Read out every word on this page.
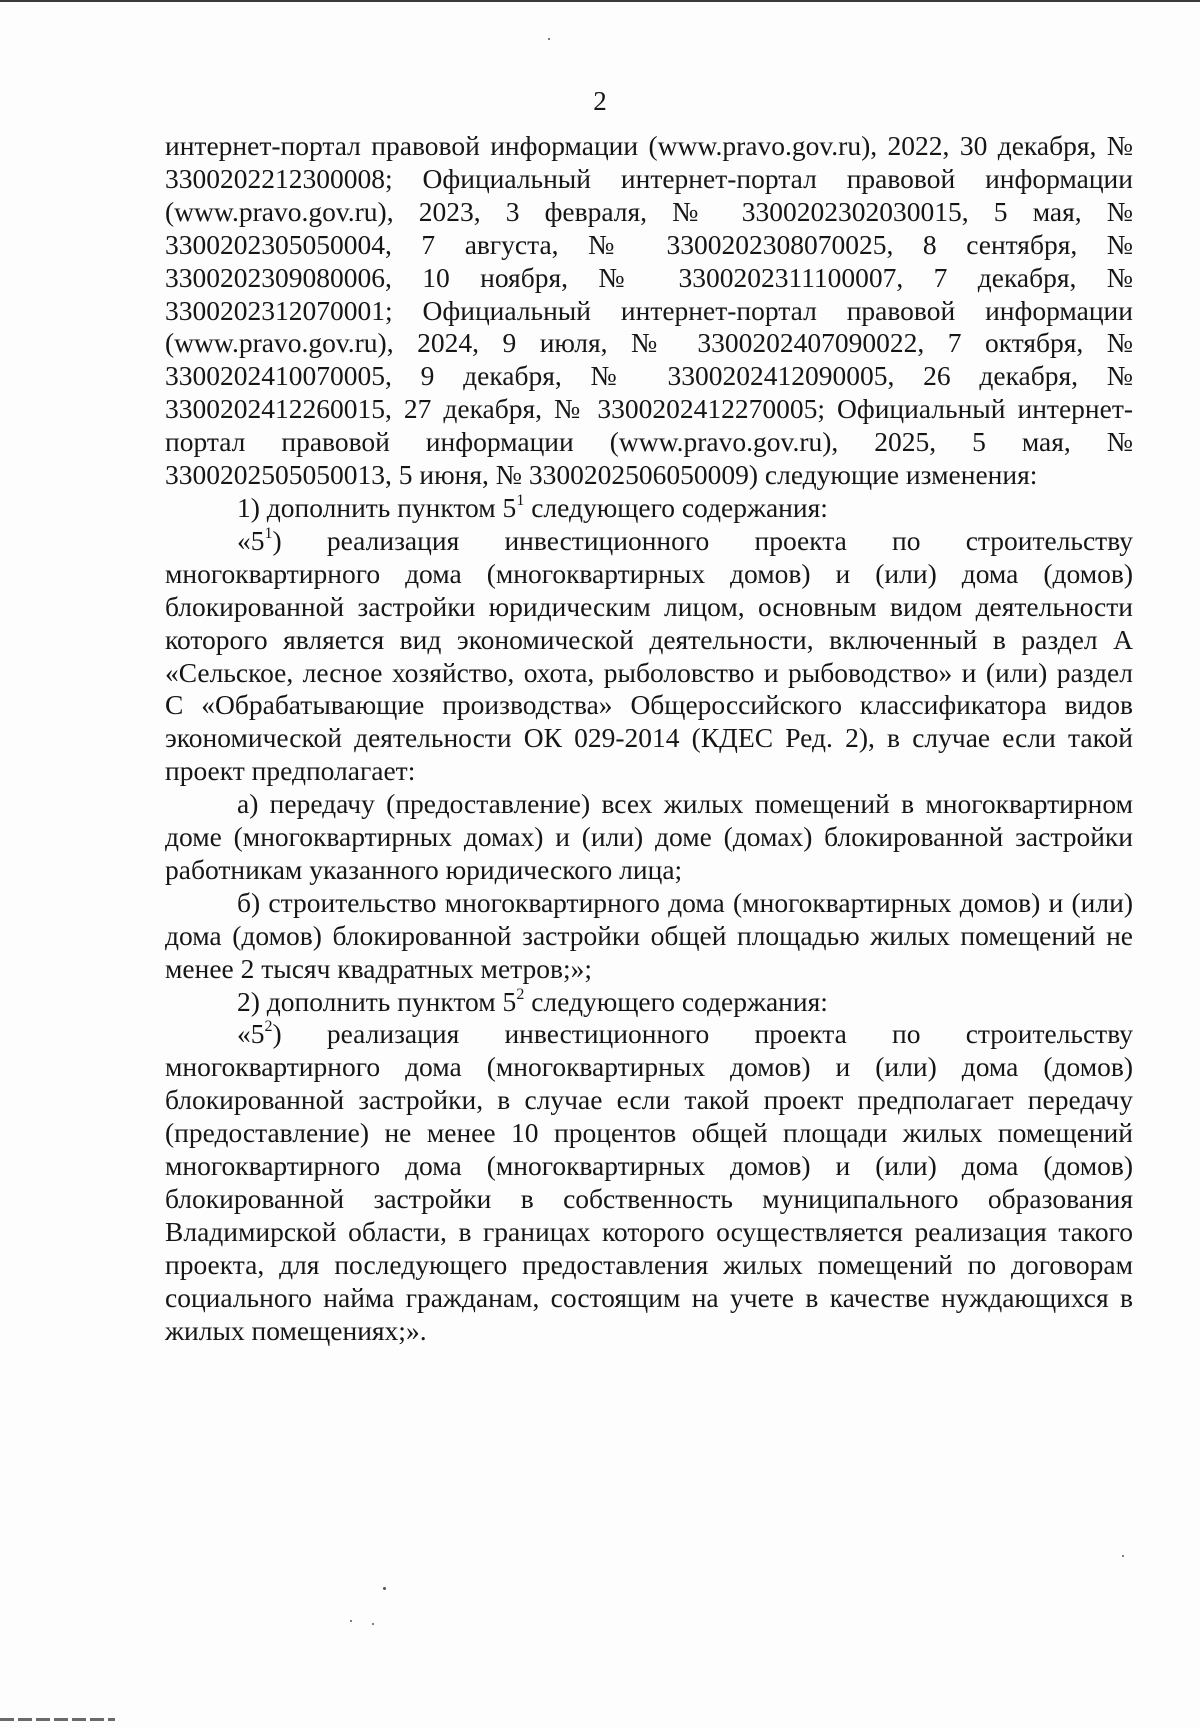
2

интернет-портал правовой информации (www.pravo.gov.ru), 2022, 30 декабря, № 3300202212300008; Официальный интернет-портал правовой информации (www.pravo.gov.ru), 2023, 3 февраля, № 3300202302030015, 5 мая, № 3300202305050004, 7 августа, № 3300202308070025, 8 сентября, № 3300202309080006, 10 ноября, № 3300202311100007, 7 декабря, № 3300202312070001; Официальный интернет-портал правовой информации (www.pravo.gov.ru), 2024, 9 июля, № 3300202407090022, 7 октября, № 3300202410070005, 9 декабря, № 3300202412090005, 26 декабря, № 3300202412260015, 27 декабря, № 3300202412270005; Официальный интернет-портал правовой информации (www.pravo.gov.ru), 2025, 5 мая, № 3300202505050013, 5 июня, № 3300202506050009) следующие изменения:

1) дополнить пунктом $5^1$ следующего содержания:

«$5^1$) реализация инвестиционного проекта по строительству многоквартирного дома (многоквартирных домов) и (или) дома (домов) блокированной застройки юридическим лицом, основным видом деятельности которого является вид экономической деятельности, включенный в раздел А «Сельское, лесное хозяйство, охота, рыболовство и рыбоводство» и (или) раздел С «Обрабатывающие производства» Общероссийского классификатора видов экономической деятельности ОК 029-2014 (КДЕС Ред. 2), в случае если такой проект предполагает:

а) передачу (предоставление) всех жилых помещений в многоквартирном доме (многоквартирных домах) и (или) доме (домах) блокированной застройки работникам указанного юридического лица;

б) строительство многоквартирного дома (многоквартирных домов) и (или) дома (домов) блокированной застройки общей площадью жилых помещений не менее 2 тысяч квадратных метров;»;

2) дополнить пунктом $5^2$ следующего содержания:

«$5^2$) реализация инвестиционного проекта по строительству многоквартирного дома (многоквартирных домов) и (или) дома (домов) блокированной застройки, в случае если такой проект предполагает передачу (предоставление) не менее 10 процентов общей площади жилых помещений многоквартирного дома (многоквартирных домов) и (или) дома (домов) блокированной застройки в собственность муниципального образования Владимирской области, в границах которого осуществляется реализация такого проекта, для последующего предоставления жилых помещений по договорам социального найма гражданам, состоящим на учете в качестве нуждающихся в жилых помещениях;».
